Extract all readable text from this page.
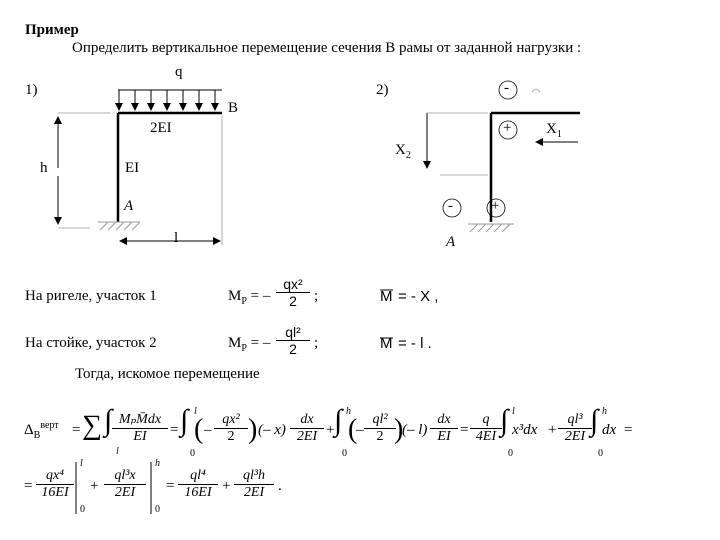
Пример
Определить вертикальное перемещение сечения В рамы от заданной нагрузки :
1)
q
B
2EI
EI
h
A
l
2)
$X_1$
$X_2$
-
+
-	+
A
На ригеле, участок 1	$M_P$ = – $\frac{\text{qx²}}{2}$ ;	M = - X ,
На стойке, участок 2	$M_P$ = – $\frac{\text{ql²}}{2}$ ;	M = - l .
Тогда, искомое перемещение
$\Delta_B^{верт}$ = ∑ ∫
l
MₚM̄dx
EI	= ∫ l
0
( – $\frac{\text{qx²}}{2}$ ) (– $x) \frac{dx}{2EI}$ + ∫ h
0
(
– $\frac{\text{ql²}}{2}$
)
(– $l) \frac{dx}{EI} = \frac{q}{4EI}$
∫ l
0
$x^3dx + \frac{\text{ql³}}{2EI}$
∫ h
0
dx =
= $\frac{\text{qx⁴}}{16EI}$
l
0
+ $\frac{\text{ql³x}}{2EI}$
h
0
= $\frac{\text{ql⁴}}{16EI} + \frac{\text{ql³h}}{2EI}$ .
